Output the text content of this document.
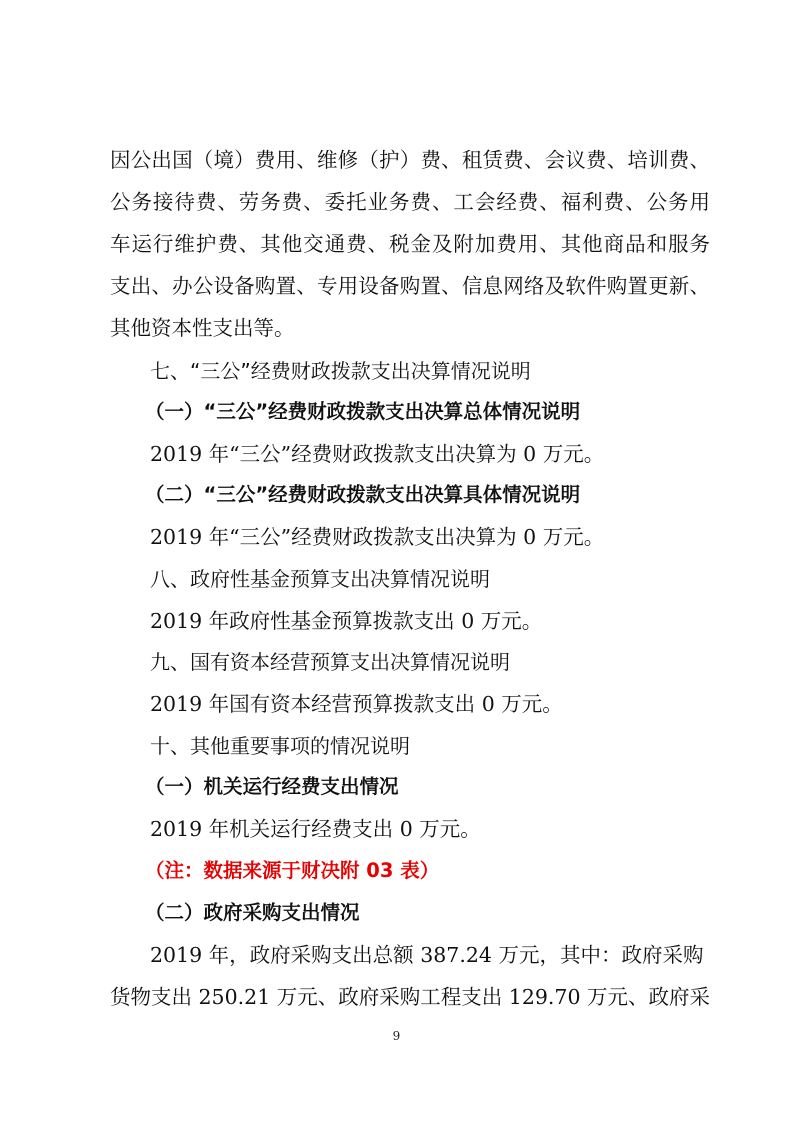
因公出国（境）费用、维修（护）费、租赁费、会议费、培训费、
公务接待费、劳务费、委托业务费、工会经费、福利费、公务用
车运行维护费、其他交通费、税金及附加费用、其他商品和服务
支出、办公设备购置、专用设备购置、信息网络及软件购置更新、
其他资本性支出等。
七、“三公”经费财政拨款支出决算情况说明
（一）“三公”经费财政拨款支出决算总体情况说明
2019 年“三公”经费财政拨款支出决算为 0 万元。
（二）“三公”经费财政拨款支出决算具体情况说明
2019 年“三公”经费财政拨款支出决算为 0 万元。
八、政府性基金预算支出决算情况说明
2019 年政府性基金预算拨款支出 0 万元。
九、国有资本经营预算支出决算情况说明
2019 年国有资本经营预算拨款支出 0 万元。
十、其他重要事项的情况说明
（一）机关运行经费支出情况
2019 年机关运行经费支出 0 万元。
（注：数据来源于财决附 03 表）
（二）政府采购支出情况
2019 年，政府采购支出总额 387.24 万元，其中：政府采购
货物支出 250.21 万元、政府采购工程支出 129.70 万元、政府采
9
